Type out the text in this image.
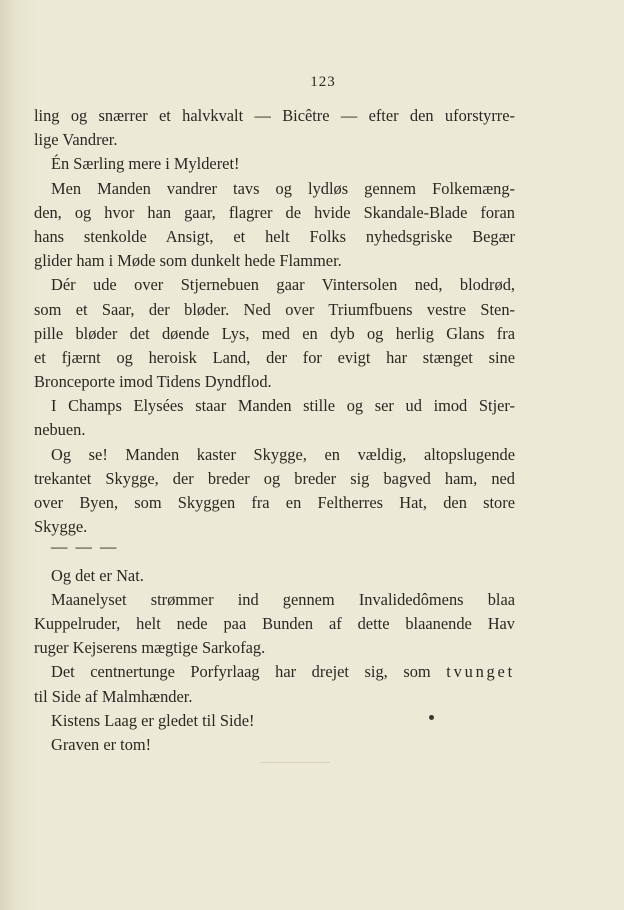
123
ling og snærrer et halvkvalt — Bicêtre — efter den uforstyrre-
lige Vandrer.
Én Særling mere i Mylderet!
Men Manden vandrer tavs og lydløs gennem Folkemæng-
den, og hvor han gaar, flagrer de hvide Skandale-Blade foran
hans stenkolde Ansigt, et helt Folks nyhedsgriske Begær
glider ham i Møde som dunkelt hede Flammer.
Dér ude over Stjernebuen gaar Vintersolen ned, blodrød,
som et Saar, der bløder. Ned over Triumfbuens vestre Sten-
pille bløder det døende Lys, med en dyb og herlig Glans fra
et fjærnt og heroisk Land, der for evigt har stænget sine
Bronceporte imod Tidens Dyndflod.
I Champs Elysées staar Manden stille og ser ud imod Stjer-
nebuen.
Og se! Manden kaster Skygge, en vældig, altopslugende
trekantet Skygge, der breder og breder sig bagved ham, ned
over Byen, som Skyggen fra en Feltherres Hat, den store
Skygge.
— — —
Og det er Nat.
Maanelyset strømmer ind gennem Invalidedômens blaa
Kuppelruder, helt nede paa Bunden af dette blaanende Hav
ruger Kejserens mægtige Sarkofag.
Det centnertunge Porfyrlaag har drejet sig, som tvunget
til Side af Malmhænder.
Kistens Laag er gledet til Side!
Graven er tom!
